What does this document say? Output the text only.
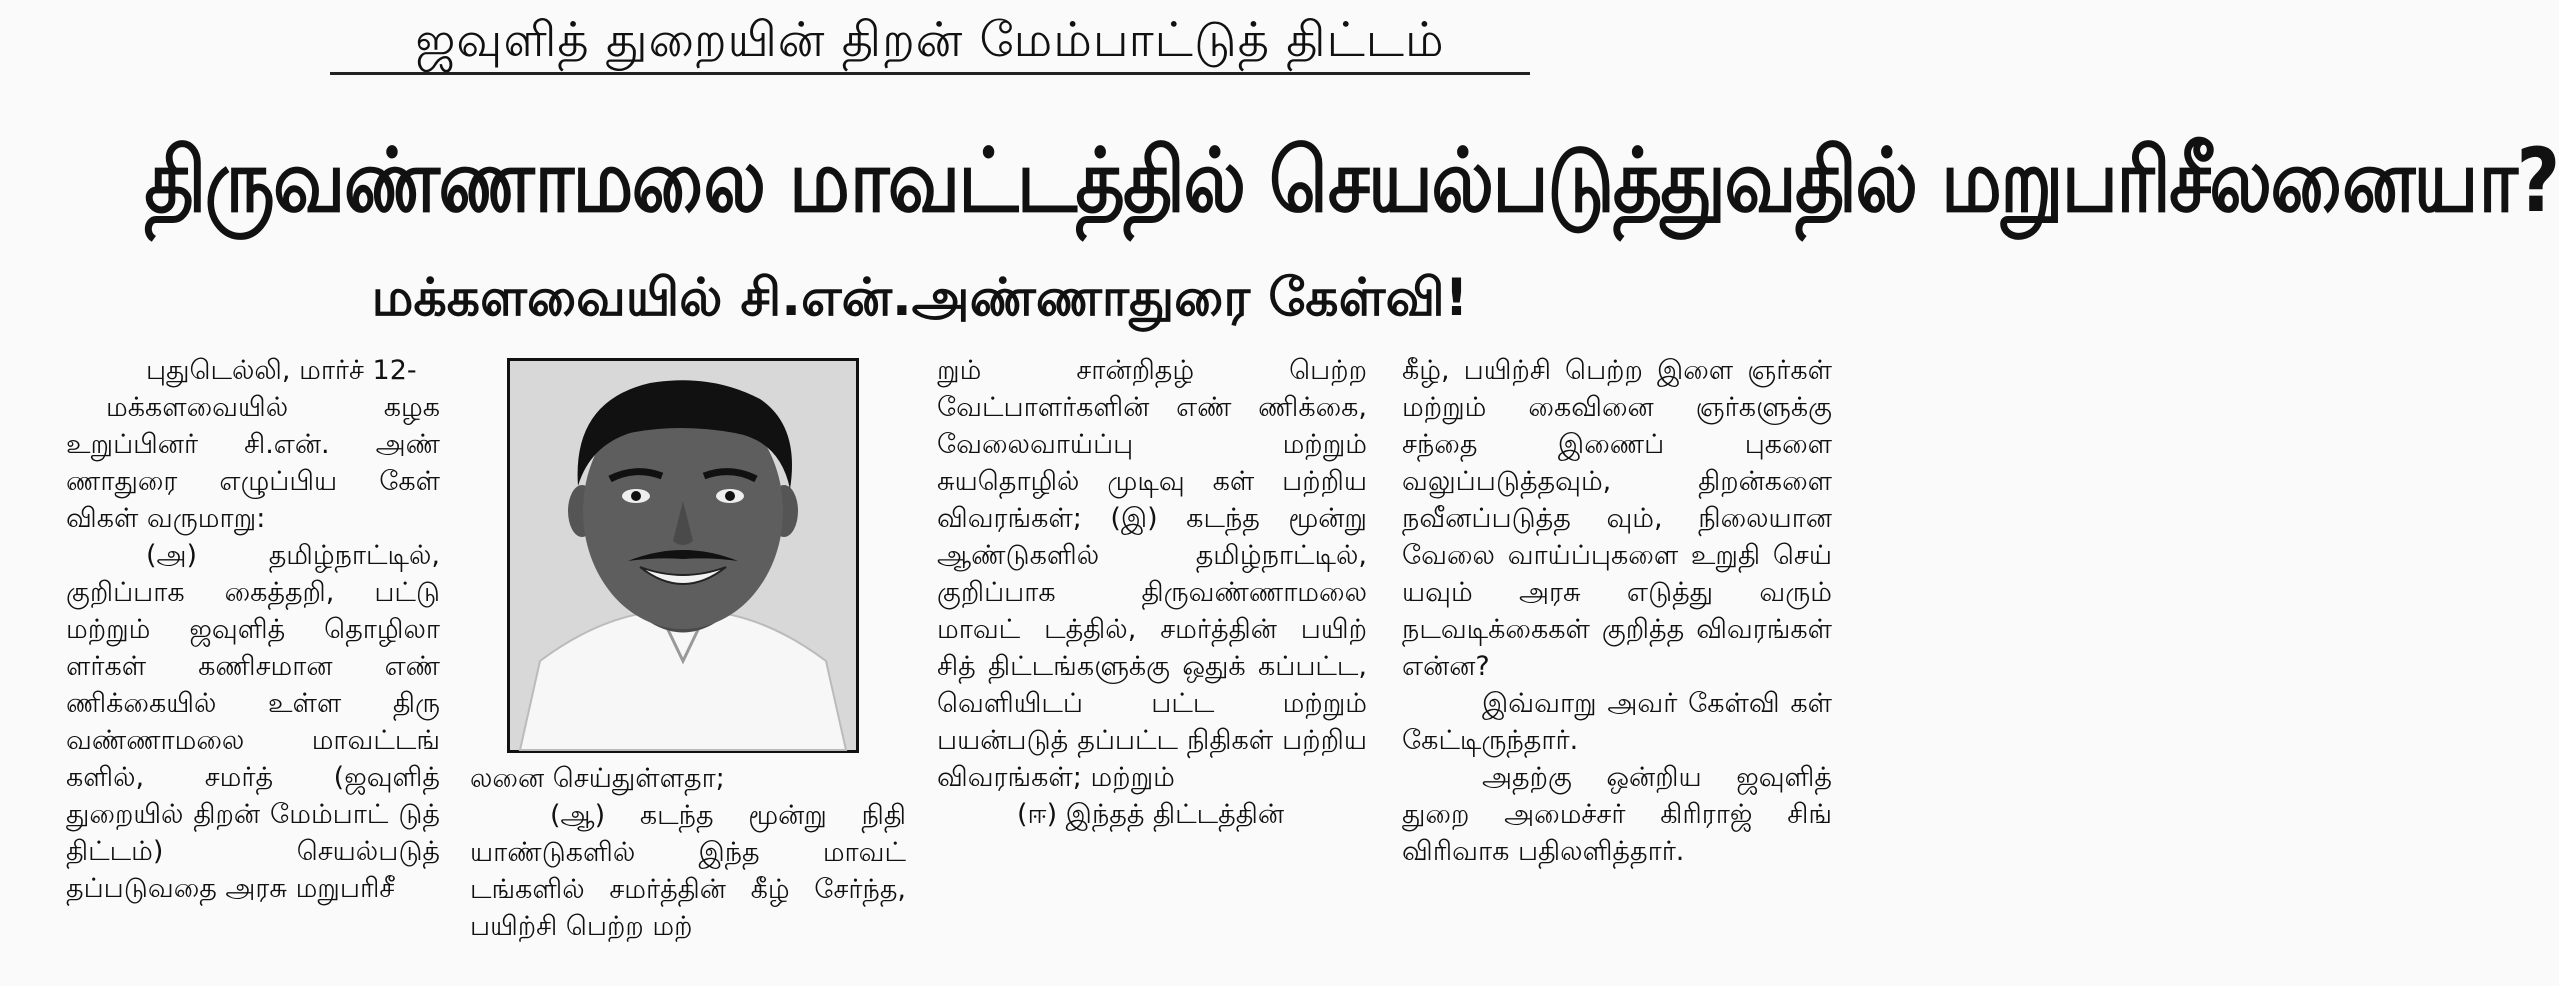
ஜவுளித் துறையின் திறன் மேம்பாட்டுத் திட்டம்
திருவண்ணாமலை மாவட்டத்தில் செயல்படுத்துவதில் மறுபரிசீலனையா?
மக்களவையில் சி.என்.அண்ணாதுரை கேள்வி!

புதுடெல்லி, மார்ச் 12-

மக்களவையில் கழக உறுப்பினர் சி.என். அண் ணாதுரை எழுப்பிய கேள் விகள் வருமாறு:

(அ) தமிழ்நாட்டில், குறிப்பாக கைத்தறி, பட்டு மற்றும் ஜவுளித் தொழிலா ளர்கள் கணிசமான எண் ணிக்கையில் உள்ள திரு வண்ணாமலை மாவட்டங் களில், சமர்த் (ஜவுளித் துறையில் திறன் மேம்பாட் டுத் திட்டம்) செயல்படுத் தப்படுவதை அரசு மறுபரிசீ

லனை செய்துள்ளதா;

(ஆ) கடந்த மூன்று நிதி யாண்டுகளில் இந்த மாவட் டங்களில் சமர்த்தின் கீழ் சேர்ந்த, பயிற்சி பெற்ற மற்

றும் சான்றிதழ் பெற்ற வேட்பாளர்களின் எண் ணிக்கை, வேலைவாய்ப்பு மற்றும் சுயதொழில் முடிவு கள் பற்றிய விவரங்கள்; (இ) கடந்த மூன்று ஆண்டுகளில் தமிழ்நாட்டில், குறிப்பாக திருவண்ணாமலை மாவட் டத்தில், சமர்த்தின் பயிற் சித் திட்டங்களுக்கு ஒதுக் கப்பட்ட, வெளியிடப் பட்ட மற்றும் பயன்படுத் தப்பட்ட நிதிகள் பற்றிய விவரங்கள்; மற்றும்

(ஈ) இந்தத் திட்டத்தின்

கீழ், பயிற்சி பெற்ற இளை ஞர்கள் மற்றும் கைவினை ஞர்களுக்கு சந்தை இணைப் புகளை வலுப்படுத்தவும், திறன்களை நவீனப்படுத்த வும், நிலையான வேலை வாய்ப்புகளை உறுதி செய் யவும் அரசு எடுத்து வரும் நடவடிக்கைகள் குறித்த விவரங்கள் என்ன?

இவ்வாறு அவர் கேள்வி கள் கேட்டிருந்தார்.

அதற்கு ஒன்றிய ஜவுளித் துறை அமைச்சர் கிரிராஜ் சிங் விரிவாக பதிலளித்தார்.
